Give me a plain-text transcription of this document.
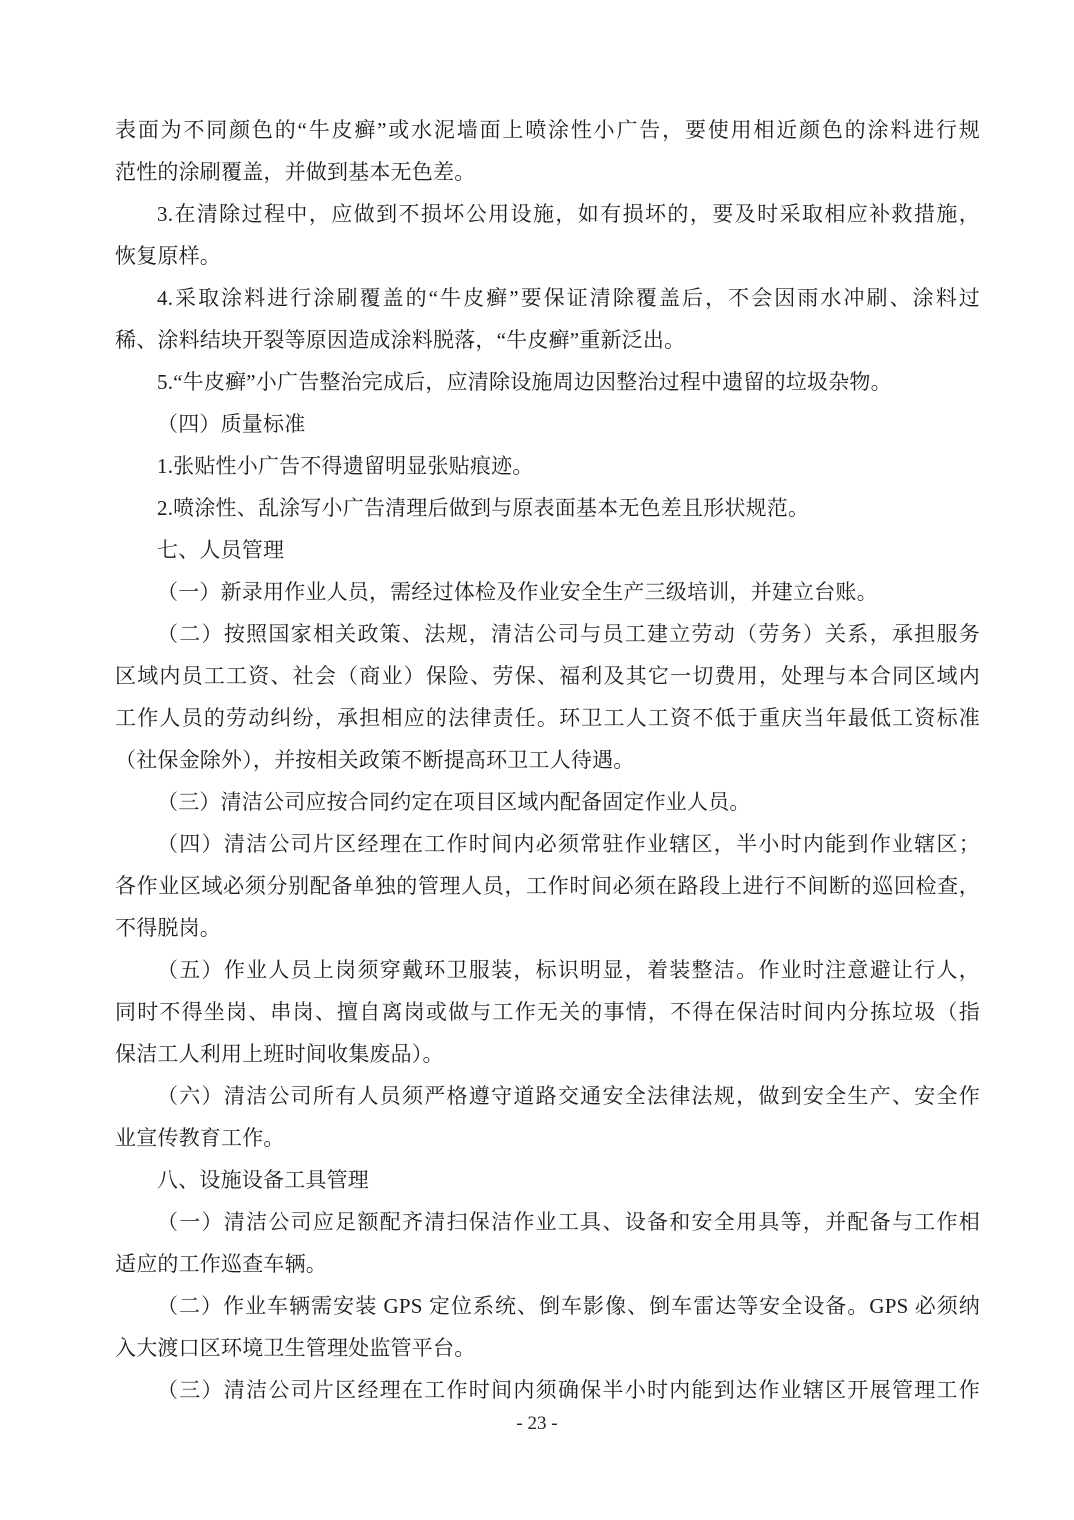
表面为不同颜色的“牛皮癣”或水泥墙面上喷涂性小广告，要使用相近颜色的涂料进行规
范性的涂刷覆盖，并做到基本无色差。
3.在清除过程中，应做到不损坏公用设施，如有损坏的，要及时采取相应补救措施，
恢复原样。
4.采取涂料进行涂刷覆盖的“牛皮癣”要保证清除覆盖后，不会因雨水冲刷、涂料过
稀、涂料结块开裂等原因造成涂料脱落，“牛皮癣”重新泛出。
5.“牛皮癣”小广告整治完成后，应清除设施周边因整治过程中遗留的垃圾杂物。
（四）质量标准
1.张贴性小广告不得遗留明显张贴痕迹。
2.喷涂性、乱涂写小广告清理后做到与原表面基本无色差且形状规范。
七、人员管理
（一）新录用作业人员，需经过体检及作业安全生产三级培训，并建立台账。
（二）按照国家相关政策、法规，清洁公司与员工建立劳动（劳务）关系，承担服务
区域内员工工资、社会（商业）保险、劳保、福利及其它一切费用，处理与本合同区域内
工作人员的劳动纠纷，承担相应的法律责任。环卫工人工资不低于重庆当年最低工资标准
（社保金除外），并按相关政策不断提高环卫工人待遇。
（三）清洁公司应按合同约定在项目区域内配备固定作业人员。
（四）清洁公司片区经理在工作时间内必须常驻作业辖区，半小时内能到作业辖区；
各作业区域必须分别配备单独的管理人员，工作时间必须在路段上进行不间断的巡回检查，
不得脱岗。
（五）作业人员上岗须穿戴环卫服装，标识明显，着装整洁。作业时注意避让行人，
同时不得坐岗、串岗、擅自离岗或做与工作无关的事情，不得在保洁时间内分拣垃圾（指
保洁工人利用上班时间收集废品）。
（六）清洁公司所有人员须严格遵守道路交通安全法律法规，做到安全生产、安全作
业宣传教育工作。
八、设施设备工具管理
（一）清洁公司应足额配齐清扫保洁作业工具、设备和安全用具等，并配备与工作相
适应的工作巡查车辆。
（二）作业车辆需安装 GPS 定位系统、倒车影像、倒车雷达等安全设备。GPS 必须纳
入大渡口区环境卫生管理处监管平台。
（三）清洁公司片区经理在工作时间内须确保半小时内能到达作业辖区开展管理工作
- 23 -
